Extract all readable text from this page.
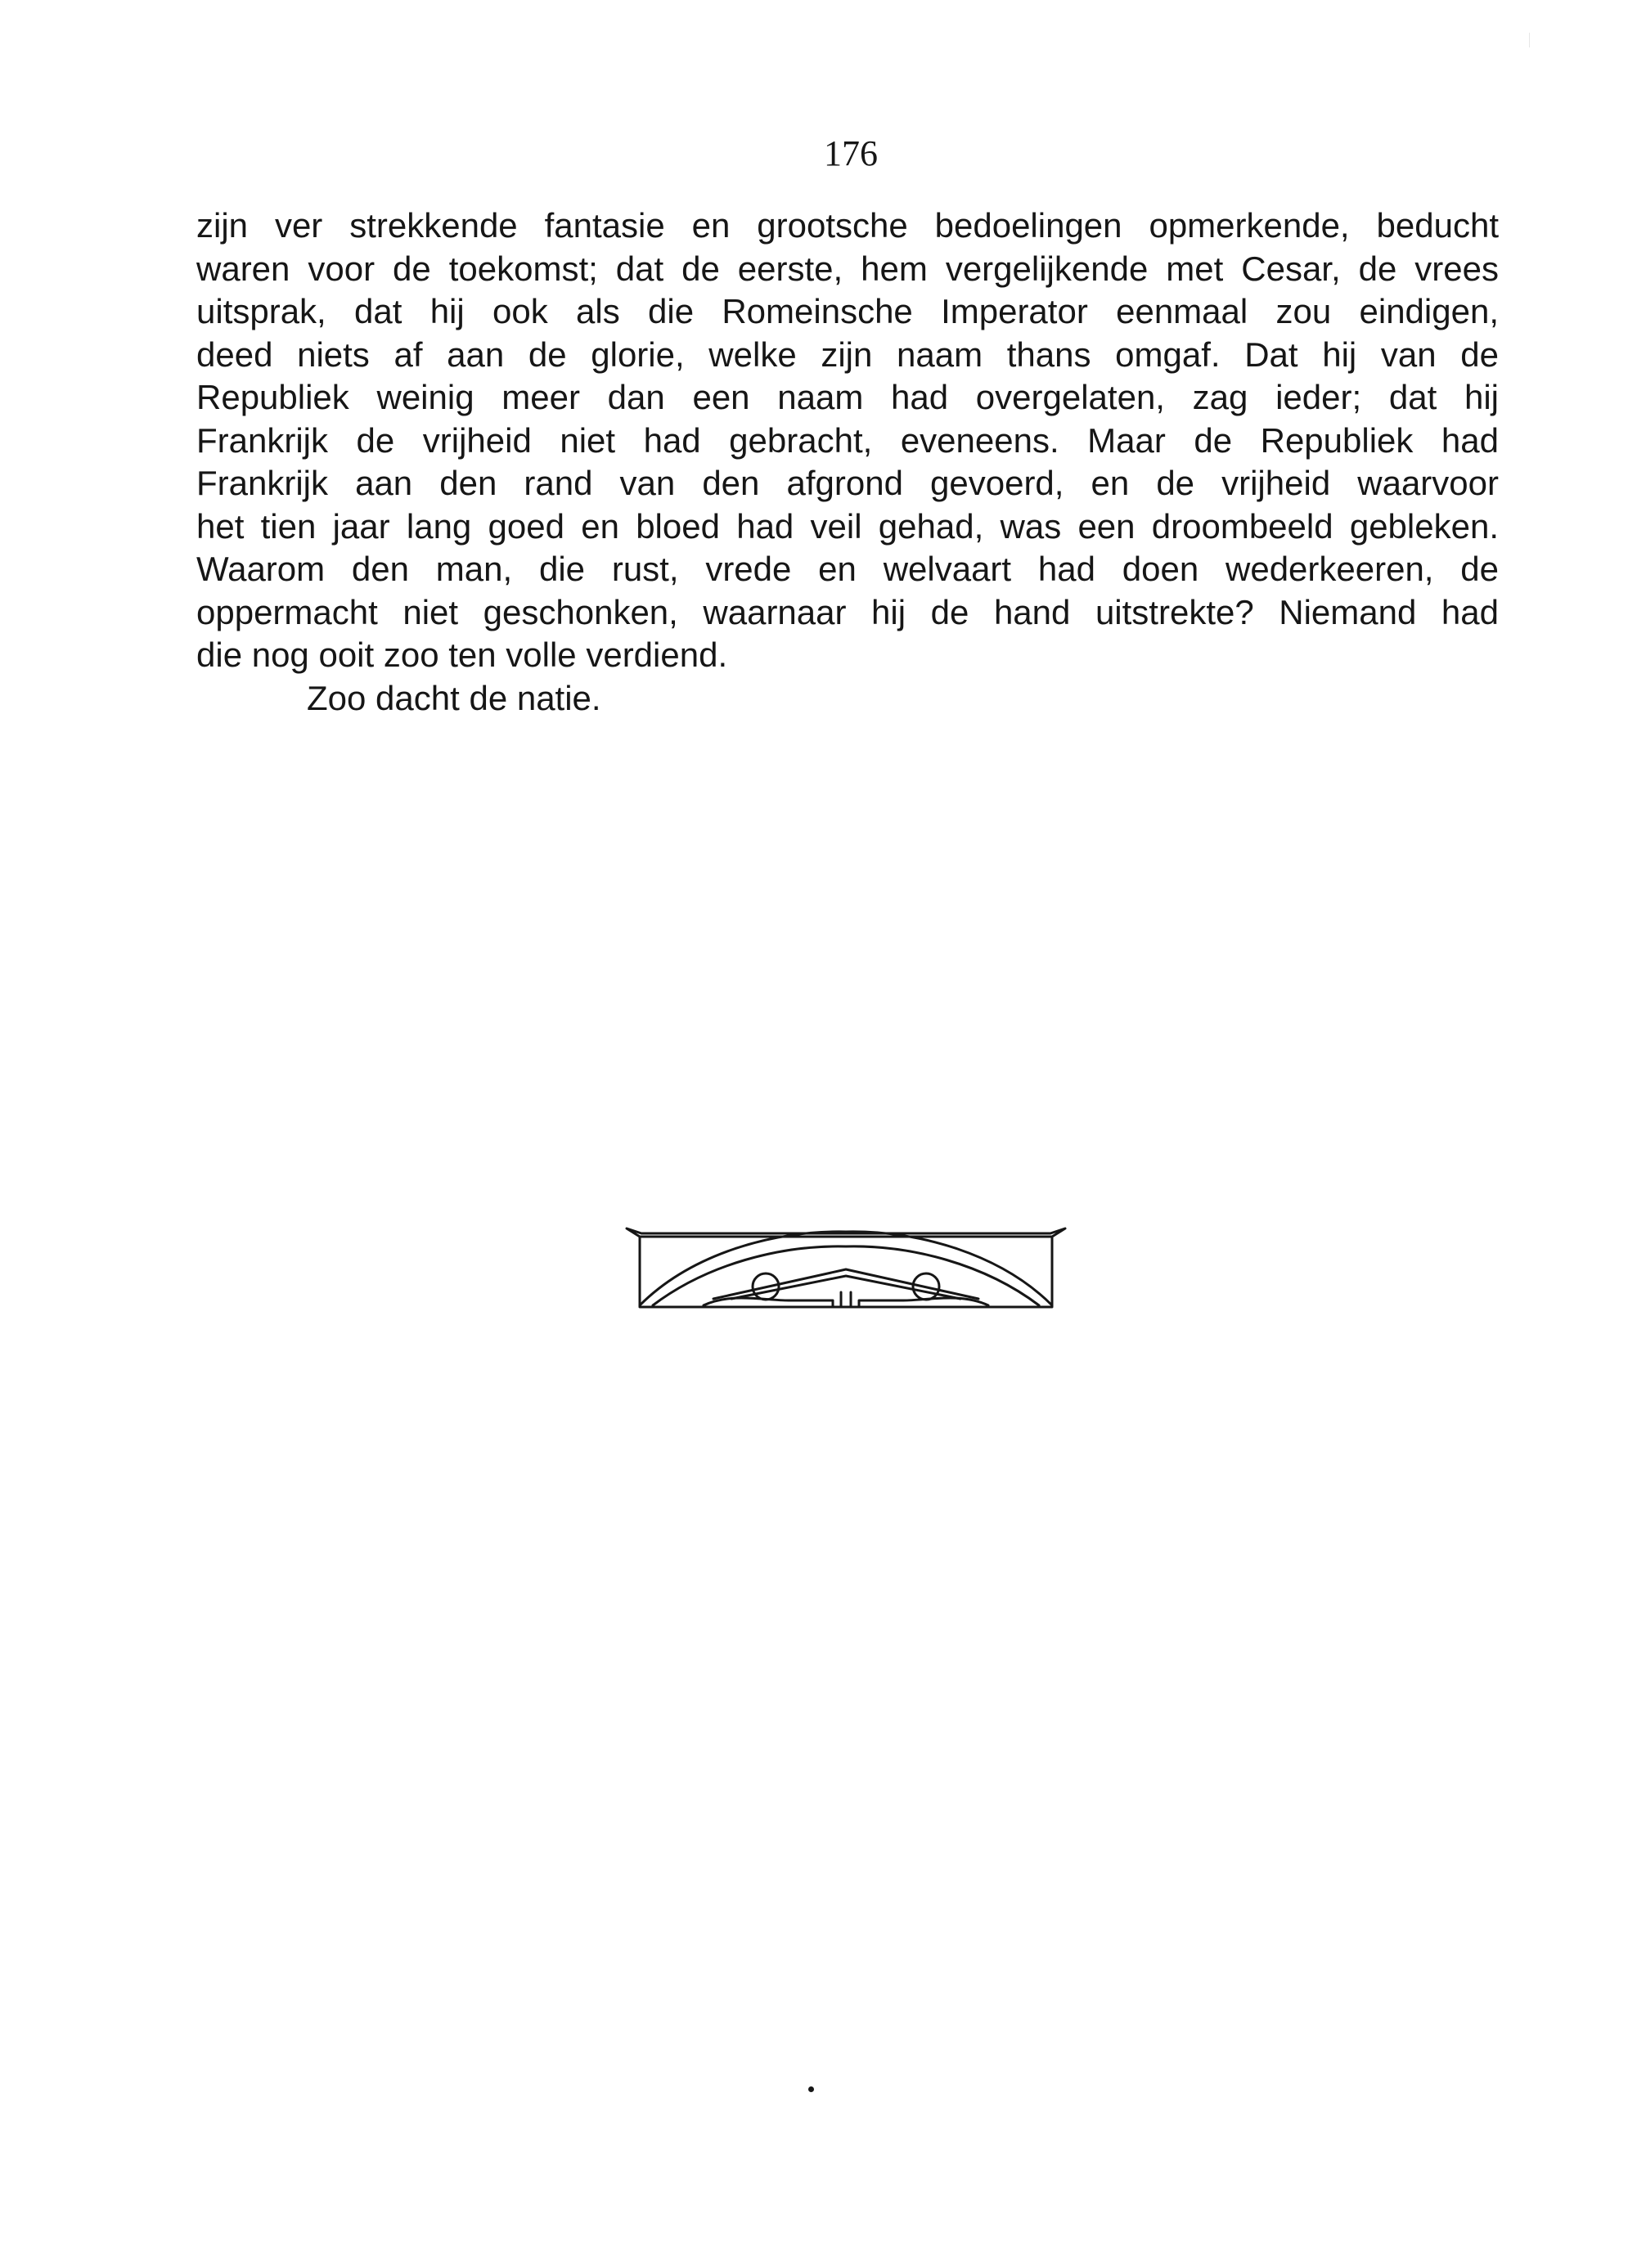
176
zijn ver strekkende fantasie en grootsche bedoelingen opmerkende, beducht
waren voor de toekomst; dat de eerste, hem vergelijkende met Cesar, de vrees
uitsprak, dat hij ook als die Romeinsche Imperator eenmaal zou eindigen,
deed niets af aan de glorie, welke zijn naam thans omgaf. Dat hij van de
Republiek weinig meer dan een naam had overgelaten, zag ieder; dat hij
Frankrijk de vrijheid niet had gebracht, eveneens. Maar de Republiek had
Frankrijk aan den rand van den afgrond gevoerd, en de vrijheid waarvoor
het tien jaar lang goed en bloed had veil gehad, was een droombeeld gebleken.
Waarom den man, die rust, vrede en welvaart had doen wederkeeren, de
oppermacht niet geschonken, waarnaar hij de hand uitstrekte? Niemand had
die nog ooit zoo ten volle verdiend.
Zoo dacht de natie.
